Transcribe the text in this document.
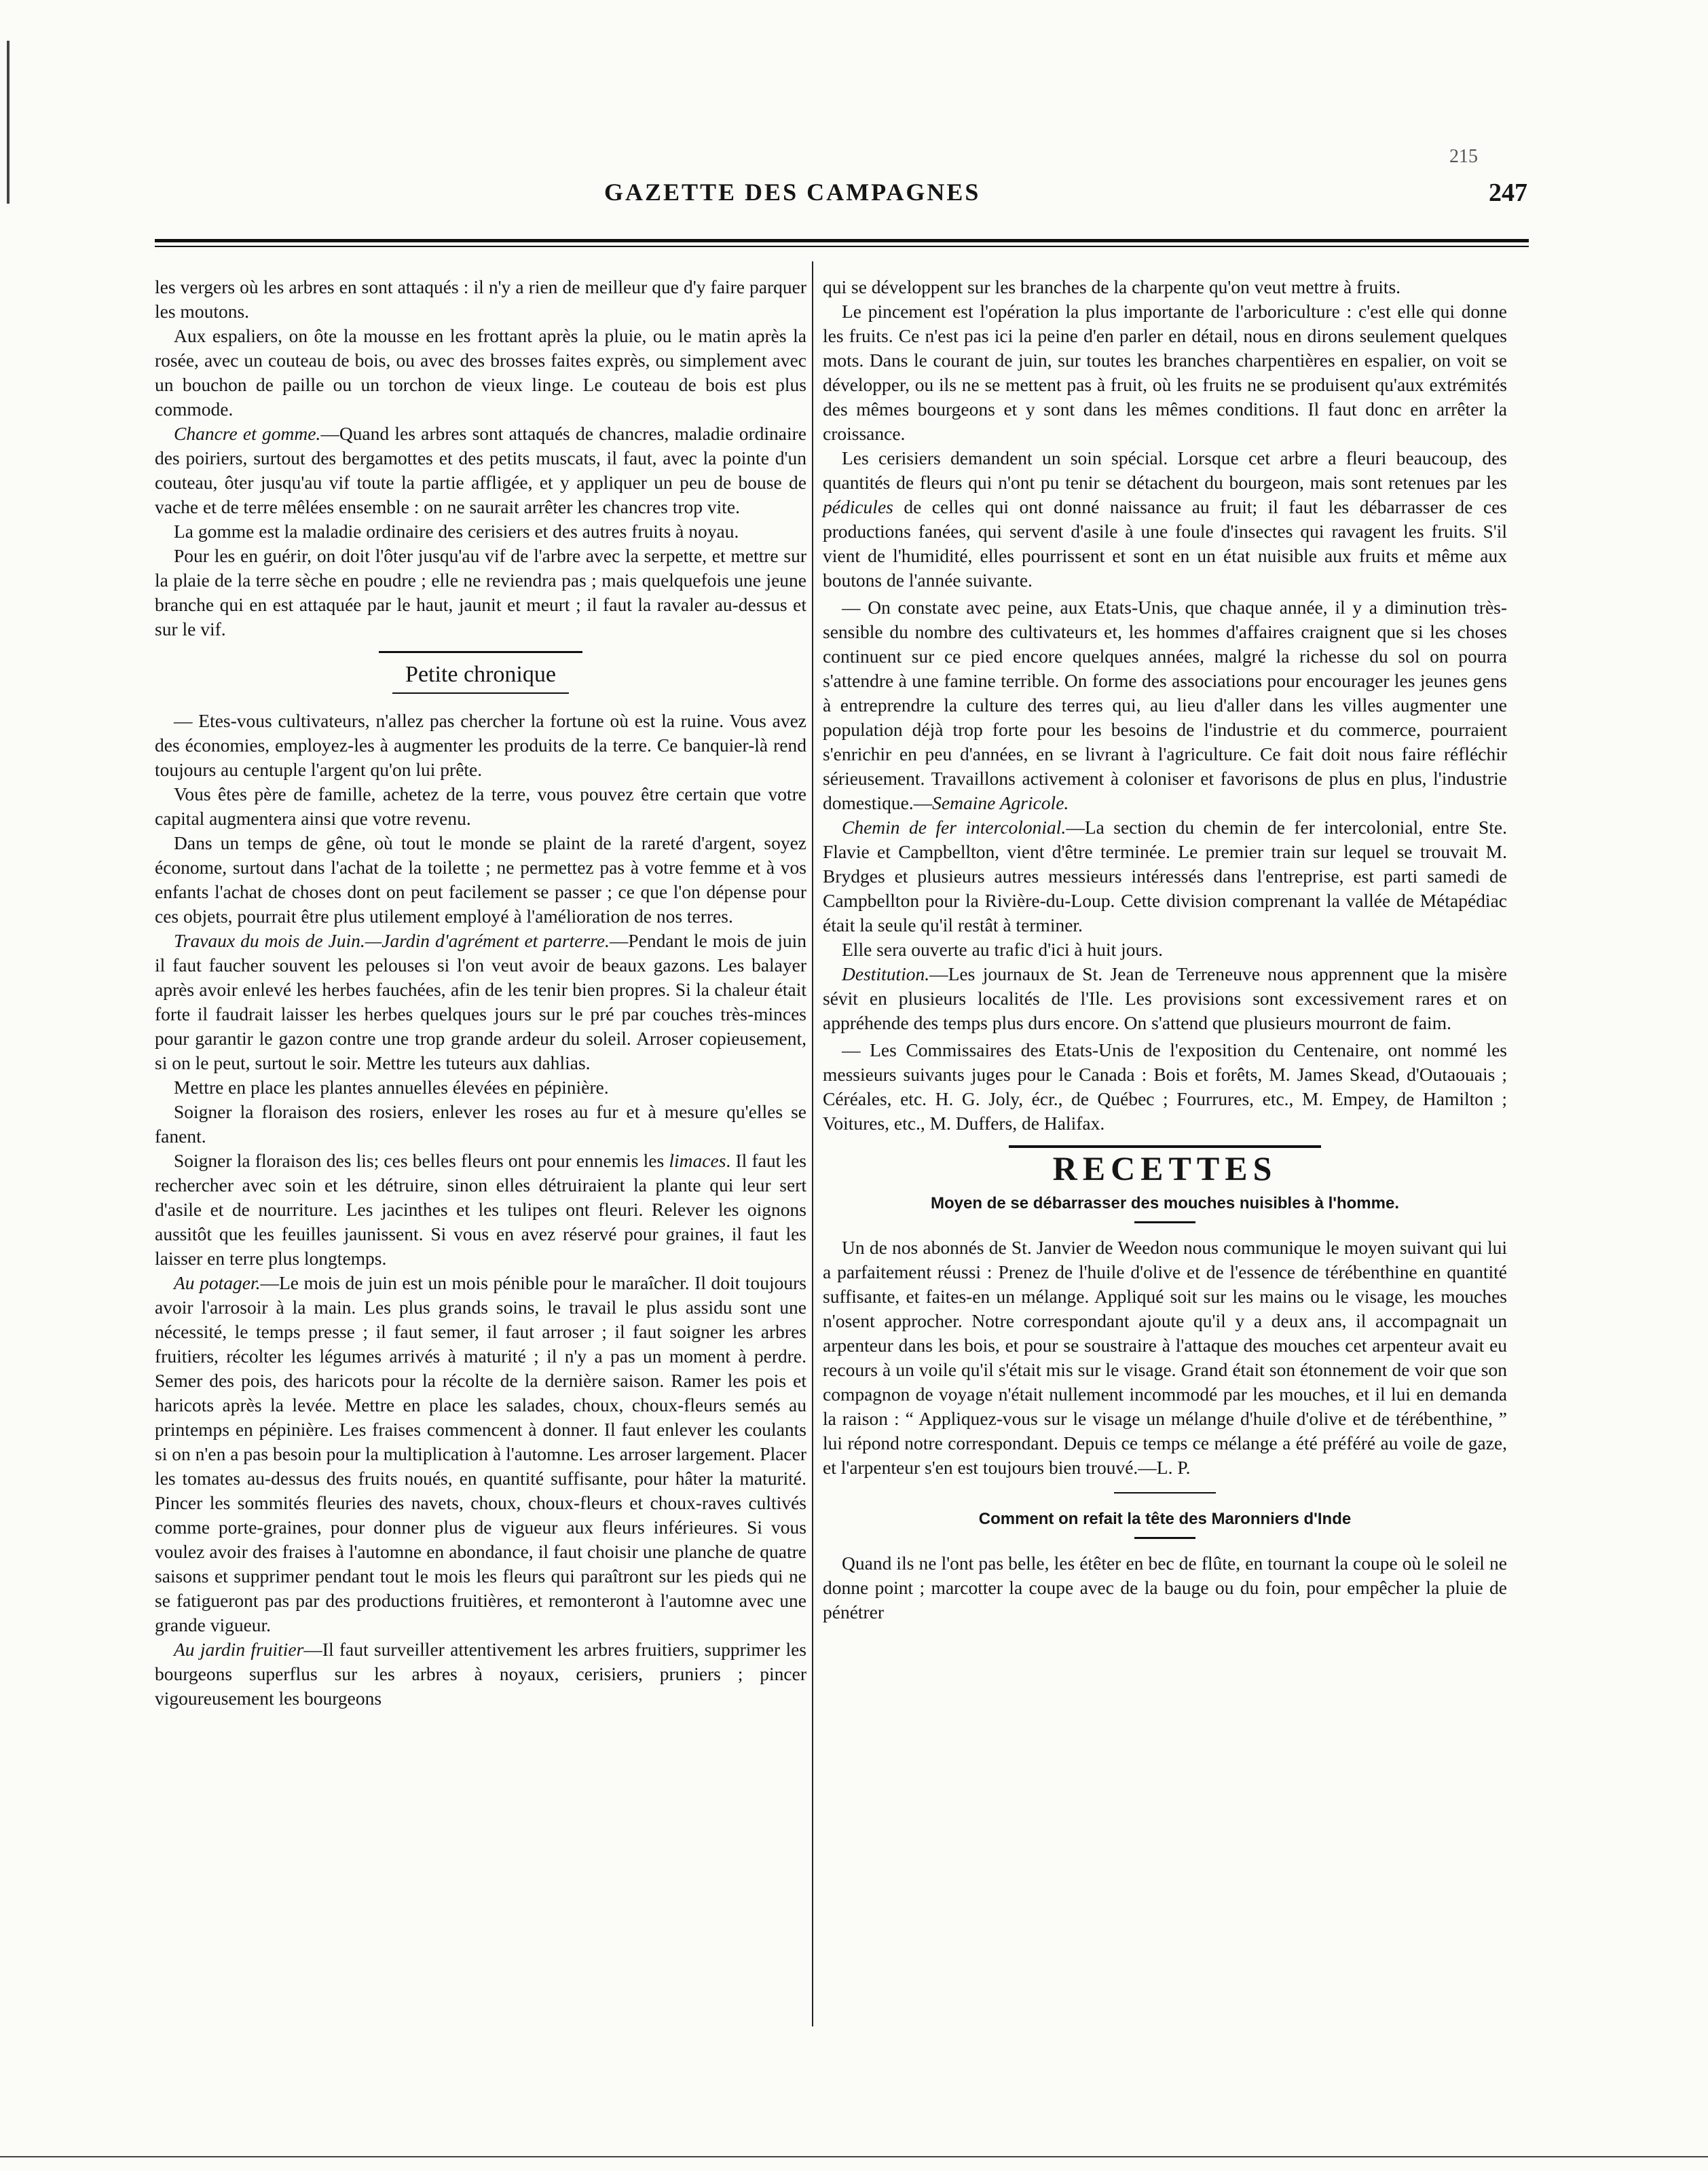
215
GAZETTE DES CAMPAGNES	247

les vergers où les arbres en sont attaqués : il n'y a rien de meilleur que d'y faire parquer les moutons.

Aux espaliers, on ôte la mousse en les frottant après la pluie, ou le matin après la rosée, avec un couteau de bois, ou avec des brosses faites exprès, ou simplement avec un bouchon de paille ou un torchon de vieux linge. Le couteau de bois est plus commode.

Chancre et gomme.—Quand les arbres sont attaqués de chancres, maladie ordinaire des poiriers, surtout des bergamottes et des petits muscats, il faut, avec la pointe d'un couteau, ôter jusqu'au vif toute la partie affligée, et y appliquer un peu de bouse de vache et de terre mêlées ensemble : on ne saurait arrêter les chancres trop vite.

La gomme est la maladie ordinaire des cerisiers et des autres fruits à noyau.

Pour les en guérir, on doit l'ôter jusqu'au vif de l'arbre avec la serpette, et mettre sur la plaie de la terre sèche en poudre ; elle ne reviendra pas ; mais quelquefois une jeune branche qui en est attaquée par le haut, jaunit et meurt ; il faut la ravaler au-dessus et sur le vif.

Petite chronique

— Etes-vous cultivateurs, n'allez pas chercher la fortune où est la ruine. Vous avez des économies, employez-les à augmenter les produits de la terre. Ce banquier-là rend toujours au centuple l'argent qu'on lui prête.

Vous êtes père de famille, achetez de la terre, vous pouvez être certain que votre capital augmentera ainsi que votre revenu.

Dans un temps de gêne, où tout le monde se plaint de la rareté d'argent, soyez économe, surtout dans l'achat de la toilette ; ne permettez pas à votre femme et à vos enfants l'achat de choses dont on peut facilement se passer ; ce que l'on dépense pour ces objets, pourrait être plus utilement employé à l'amélioration de nos terres.

Travaux du mois de Juin.—Jardin d'agrément et parterre.—Pendant le mois de juin il faut faucher souvent les pelouses si l'on veut avoir de beaux gazons. Les balayer après avoir enlevé les herbes fauchées, afin de les tenir bien propres. Si la chaleur était forte il faudrait laisser les herbes quelques jours sur le pré par couches très-minces pour garantir le gazon contre une trop grande ardeur du soleil. Arroser copieusement, si on le peut, surtout le soir. Mettre les tuteurs aux dahlias.

Mettre en place les plantes annuelles élevées en pépinière.

Soigner la floraison des rosiers, enlever les roses au fur et à mesure qu'elles se fanent.

Soigner la floraison des lis; ces belles fleurs ont pour ennemis les limaces. Il faut les rechercher avec soin et les détruire, sinon elles détruiraient la plante qui leur sert d'asile et de nourriture. Les jacinthes et les tulipes ont fleuri. Relever les oignons aussitôt que les feuilles jaunissent. Si vous en avez réservé pour graines, il faut les laisser en terre plus longtemps.

Au potager.—Le mois de juin est un mois pénible pour le maraîcher. Il doit toujours avoir l'arrosoir à la main. Les plus grands soins, le travail le plus assidu sont une nécessité, le temps presse ; il faut semer, il faut arroser ; il faut soigner les arbres fruitiers, récolter les légumes arrivés à maturité ; il n'y a pas un moment à perdre. Semer des pois, des haricots pour la récolte de la dernière saison. Ramer les pois et haricots après la levée. Mettre en place les salades, choux, choux-fleurs semés au printemps en pépinière. Les fraises commencent à donner. Il faut enlever les coulants si on n'en a pas besoin pour la multiplication à l'automne. Les arroser largement. Placer les tomates au-dessus des fruits noués, en quantité suffisante, pour hâter la maturité. Pincer les sommités fleuries des navets, choux, choux-fleurs et choux-raves cultivés comme porte-graines, pour donner plus de vigueur aux fleurs inférieures. Si vous voulez avoir des fraises à l'automne en abondance, il faut choisir une planche de quatre saisons et supprimer pendant tout le mois les fleurs qui paraîtront sur les pieds qui ne se fatigueront pas par des productions fruitières, et remonteront à l'automne avec une grande vigueur.

Au jardin fruitier—Il faut surveiller attentivement les arbres fruitiers, supprimer les bourgeons superflus sur les arbres à noyaux, cerisiers, pruniers ; pincer vigoureusement les bourgeons

qui se développent sur les branches de la charpente qu'on veut mettre à fruits.

Le pincement est l'opération la plus importante de l'arboriculture : c'est elle qui donne les fruits. Ce n'est pas ici la peine d'en parler en détail, nous en dirons seulement quelques mots. Dans le courant de juin, sur toutes les branches charpentières en espalier, on voit se développer, ou ils ne se mettent pas à fruit, où les fruits ne se produisent qu'aux extrémités des mêmes bourgeons et y sont dans les mêmes conditions. Il faut donc en arrêter la croissance.

Les cerisiers demandent un soin spécial. Lorsque cet arbre a fleuri beaucoup, des quantités de fleurs qui n'ont pu tenir se détachent du bourgeon, mais sont retenues par les pédicules de celles qui ont donné naissance au fruit; il faut les débarrasser de ces productions fanées, qui servent d'asile à une foule d'insectes qui ravagent les fruits. S'il vient de l'humidité, elles pourrissent et sont en un état nuisible aux fruits et même aux boutons de l'année suivante.

— On constate avec peine, aux Etats-Unis, que chaque année, il y a diminution très-sensible du nombre des cultivateurs et, les hommes d'affaires craignent que si les choses continuent sur ce pied encore quelques années, malgré la richesse du sol on pourra s'attendre à une famine terrible. On forme des associations pour encourager les jeunes gens à entreprendre la culture des terres qui, au lieu d'aller dans les villes augmenter une population déjà trop forte pour les besoins de l'industrie et du commerce, pourraient s'enrichir en peu d'années, en se livrant à l'agriculture. Ce fait doit nous faire réfléchir sérieusement. Travaillons activement à coloniser et favorisons de plus en plus, l'industrie domestique.—Semaine Agricole.

Chemin de fer intercolonial.—La section du chemin de fer intercolonial, entre Ste. Flavie et Campbellton, vient d'être terminée. Le premier train sur lequel se trouvait M. Brydges et plusieurs autres messieurs intéressés dans l'entreprise, est parti samedi de Campbellton pour la Rivière-du-Loup. Cette division comprenant la vallée de Métapédiac était la seule qu'il restât à terminer.

Elle sera ouverte au trafic d'ici à huit jours.

Destitution.—Les journaux de St. Jean de Terreneuve nous apprennent que la misère sévit en plusieurs localités de l'Ile. Les provisions sont excessivement rares et on appréhende des temps plus durs encore. On s'attend que plusieurs mourront de faim.

— Les Commissaires des Etats-Unis de l'exposition du Centenaire, ont nommé les messieurs suivants juges pour le Canada : Bois et forêts, M. James Skead, d'Outaouais ; Céréales, etc. H. G. Joly, écr., de Québec ; Fourrures, etc., M. Empey, de Hamilton ; Voitures, etc., M. Duffers, de Halifax.

RECETTES
Moyen de se débarrasser des mouches nuisibles à l'homme.

Un de nos abonnés de St. Janvier de Weedon nous communique le moyen suivant qui lui a parfaitement réussi : Prenez de l'huile d'olive et de l'essence de térébenthine en quantité suffisante, et faites-en un mélange. Appliqué soit sur les mains ou le visage, les mouches n'osent approcher. Notre correspondant ajoute qu'il y a deux ans, il accompagnait un arpenteur dans les bois, et pour se soustraire à l'attaque des mouches cet arpenteur avait eu recours à un voile qu'il s'était mis sur le visage. Grand était son étonnement de voir que son compagnon de voyage n'était nullement incommodé par les mouches, et il lui en demanda la raison : “ Appliquez-vous sur le visage un mélange d'huile d'olive et de térébenthine, ” lui répond notre correspondant. Depuis ce temps ce mélange a été préféré au voile de gaze, et l'arpenteur s'en est toujours bien trouvé.—L. P.

Comment on refait la tête des Maronniers d'Inde

Quand ils ne l'ont pas belle, les étêter en bec de flûte, en tournant la coupe où le soleil ne donne point ; marcotter la coupe avec de la bauge ou du foin, pour empêcher la pluie de pénétrer
